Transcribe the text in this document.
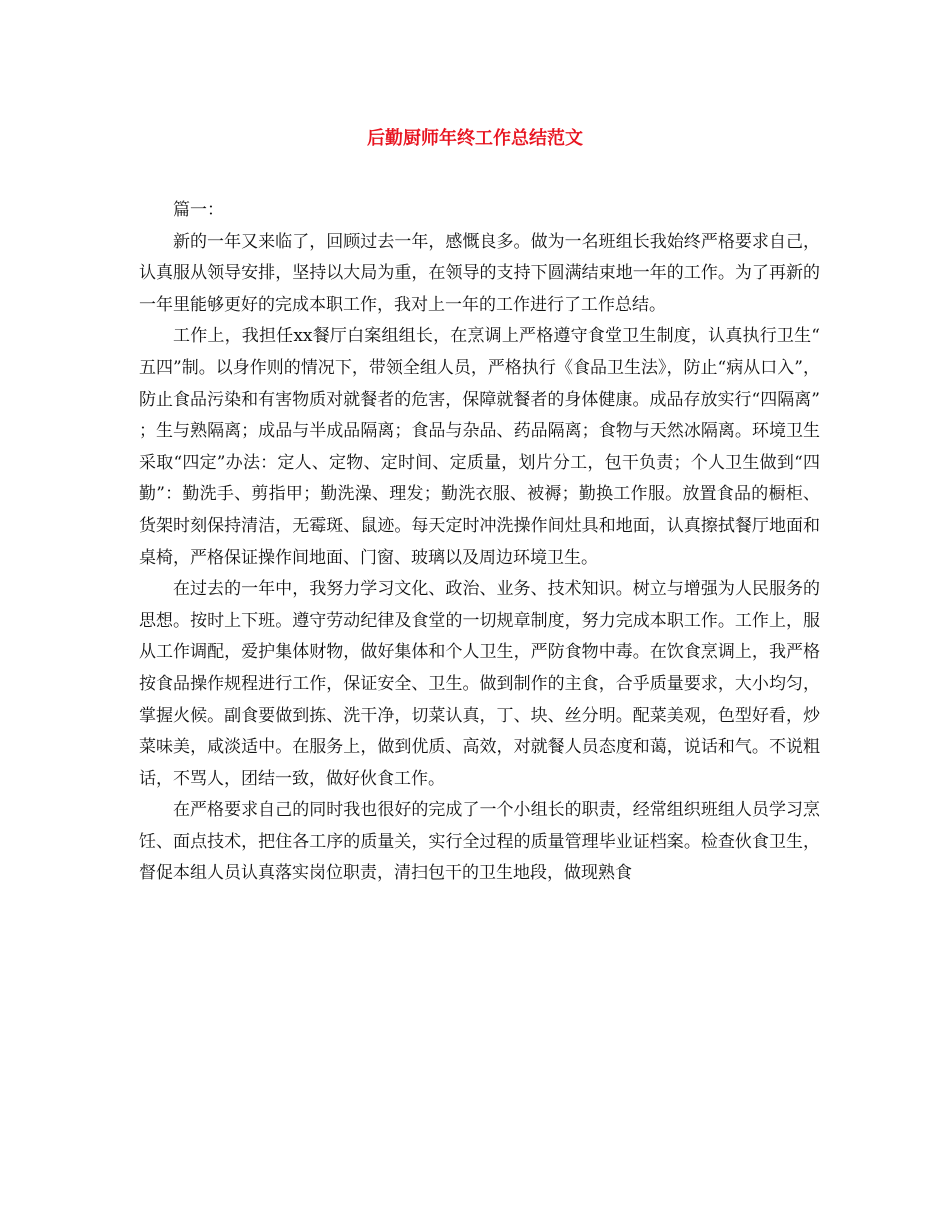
后勤厨师年终工作总结范文

篇一：

新的一年又来临了，回顾过去一年，感慨良多。做为一名班组长我始终严格要求自己，认真服从领导安排，坚持以大局为重，在领导的支持下圆满结束地一年的工作。为了再新的一年里能够更好的完成本职工作，我对上一年的工作进行了工作总结。

工作上，我担任xx餐厅白案组组长，在烹调上严格遵守食堂卫生制度，认真执行卫生“五四”制。以身作则的情况下，带领全组人员，严格执行《食品卫生法》，防止“病从口入”，防止食品污染和有害物质对就餐者的危害，保障就餐者的身体健康。成品存放实行“四隔离”；生与熟隔离；成品与半成品隔离；食品与杂品、药品隔离；食物与天然冰隔离。环境卫生采取“四定”办法：定人、定物、定时间、定质量，划片分工，包干负责；个人卫生做到“四勤”：勤洗手、剪指甲；勤洗澡、理发；勤洗衣服、被褥；勤换工作服。放置食品的橱柜、货架时刻保持清洁，无霉斑、鼠迹。每天定时冲洗操作间灶具和地面，认真擦拭餐厅地面和桌椅，严格保证操作间地面、门窗、玻璃以及周边环境卫生。

在过去的一年中，我努力学习文化、政治、业务、技术知识。树立与增强为人民服务的思想。按时上下班。遵守劳动纪律及食堂的一切规章制度，努力完成本职工作。工作上，服从工作调配，爱护集体财物，做好集体和个人卫生，严防食物中毒。在饮食烹调上，我严格按食品操作规程进行工作，保证安全、卫生。做到制作的主食，合乎质量要求，大小均匀，掌握火候。副食要做到拣、洗干净，切菜认真，丁、块、丝分明。配菜美观，色型好看，炒菜味美，咸淡适中。在服务上，做到优质、高效，对就餐人员态度和蔼，说话和气。不说粗话，不骂人，团结一致，做好伙食工作。

在严格要求自己的同时我也很好的完成了一个小组长的职责，经常组织班组人员学习烹饪、面点技术，把住各工序的质量关，实行全过程的质量管理毕业证档案。检查伙食卫生，督促本组人员认真落实岗位职责，清扫包干的卫生地段，做现熟食
